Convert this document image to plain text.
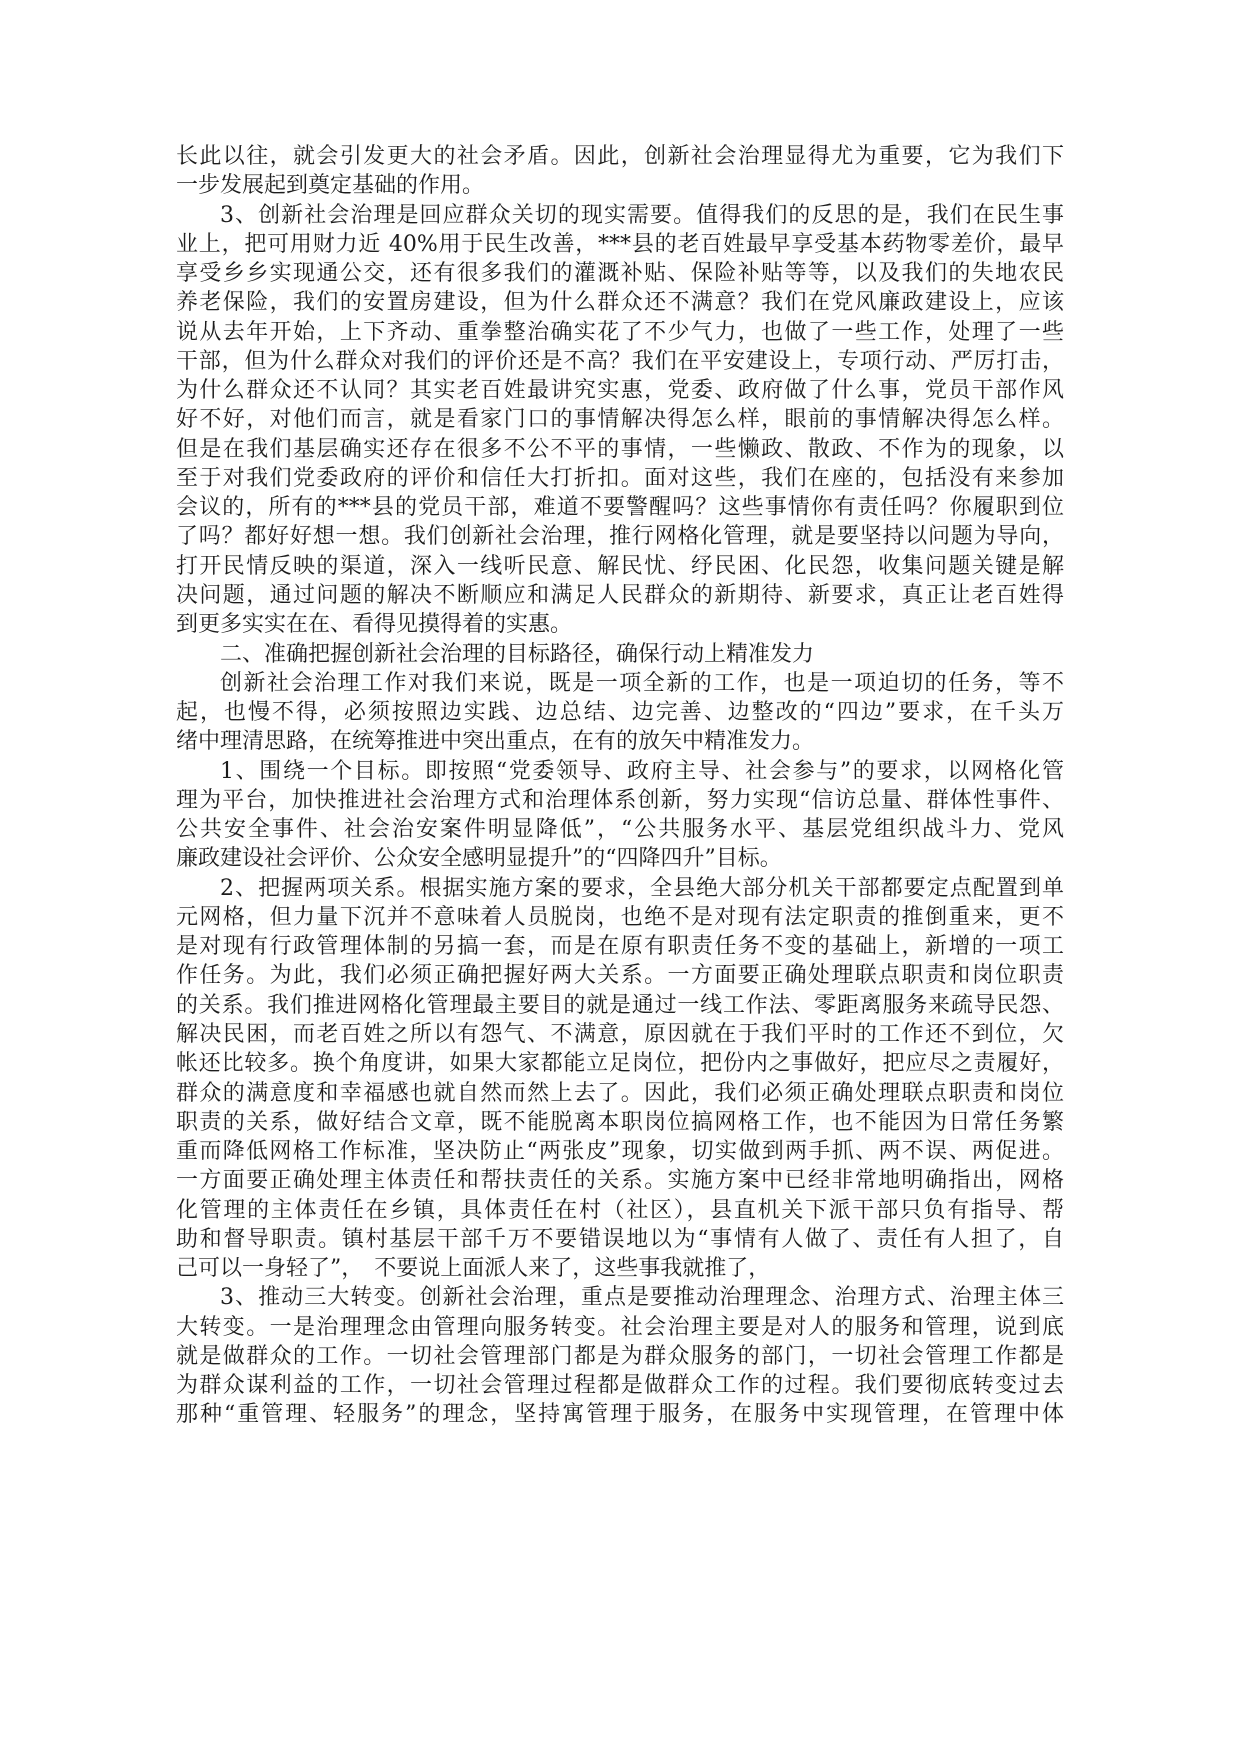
长此以往，就会引发更大的社会矛盾。因此，创新社会治理显得尤为重要，它为我们下
一步发展起到奠定基础的作用。
3、创新社会治理是回应群众关切的现实需要。值得我们的反思的是，我们在民生事
业上，把可用财力近 40%用于民生改善，***县的老百姓最早享受基本药物零差价，最早
享受乡乡实现通公交，还有很多我们的灌溉补贴、保险补贴等等，以及我们的失地农民
养老保险，我们的安置房建设，但为什么群众还不满意？我们在党风廉政建设上，应该
说从去年开始，上下齐动、重拳整治确实花了不少气力，也做了一些工作，处理了一些
干部，但为什么群众对我们的评价还是不高？我们在平安建设上，专项行动、严厉打击，
为什么群众还不认同？其实老百姓最讲究实惠，党委、政府做了什么事，党员干部作风
好不好，对他们而言，就是看家门口的事情解决得怎么样，眼前的事情解决得怎么样。
但是在我们基层确实还存在很多不公不平的事情，一些懒政、散政、不作为的现象，以
至于对我们党委政府的评价和信任大打折扣。面对这些，我们在座的，包括没有来参加
会议的，所有的***县的党员干部，难道不要警醒吗？这些事情你有责任吗？你履职到位
了吗？都好好想一想。我们创新社会治理，推行网格化管理，就是要坚持以问题为导向，
打开民情反映的渠道，深入一线听民意、解民忧、纾民困、化民怨，收集问题关键是解
决问题，通过问题的解决不断顺应和满足人民群众的新期待、新要求，真正让老百姓得
到更多实实在在、看得见摸得着的实惠。
二、准确把握创新社会治理的目标路径，确保行动上精准发力
创新社会治理工作对我们来说，既是一项全新的工作，也是一项迫切的任务，等不
起，也慢不得，必须按照边实践、边总结、边完善、边整改的“四边”要求，在千头万
绪中理清思路，在统筹推进中突出重点，在有的放矢中精准发力。
1、围绕一个目标。即按照“党委领导、政府主导、社会参与”的要求，以网格化管
理为平台，加快推进社会治理方式和治理体系创新，努力实现“信访总量、群体性事件、
公共安全事件、社会治安案件明显降低”，“公共服务水平、基层党组织战斗力、党风
廉政建设社会评价、公众安全感明显提升”的“四降四升”目标。
2、把握两项关系。根据实施方案的要求，全县绝大部分机关干部都要定点配置到单
元网格，但力量下沉并不意味着人员脱岗，也绝不是对现有法定职责的推倒重来，更不
是对现有行政管理体制的另搞一套，而是在原有职责任务不变的基础上，新增的一项工
作任务。为此，我们必须正确把握好两大关系。一方面要正确处理联点职责和岗位职责
的关系。我们推进网格化管理最主要目的就是通过一线工作法、零距离服务来疏导民怨、
解决民困，而老百姓之所以有怨气、不满意，原因就在于我们平时的工作还不到位，欠
帐还比较多。换个角度讲，如果大家都能立足岗位，把份内之事做好，把应尽之责履好，
群众的满意度和幸福感也就自然而然上去了。因此，我们必须正确处理联点职责和岗位
职责的关系，做好结合文章，既不能脱离本职岗位搞网格工作，也不能因为日常任务繁
重而降低网格工作标准，坚决防止“两张皮”现象，切实做到两手抓、两不误、两促进。
一方面要正确处理主体责任和帮扶责任的关系。实施方案中已经非常地明确指出，网格
化管理的主体责任在乡镇，具体责任在村（社区），县直机关下派干部只负有指导、帮
助和督导职责。镇村基层干部千万不要错误地以为“事情有人做了、责任有人担了，自
己可以一身轻了”，　不要说上面派人来了，这些事我就推了，
3、推动三大转变。创新社会治理，重点是要推动治理理念、治理方式、治理主体三
大转变。一是治理理念由管理向服务转变。社会治理主要是对人的服务和管理，说到底
就是做群众的工作。一切社会管理部门都是为群众服务的部门，一切社会管理工作都是
为群众谋利益的工作，一切社会管理过程都是做群众工作的过程。我们要彻底转变过去
那种“重管理、轻服务”的理念，坚持寓管理于服务，在服务中实现管理，在管理中体
